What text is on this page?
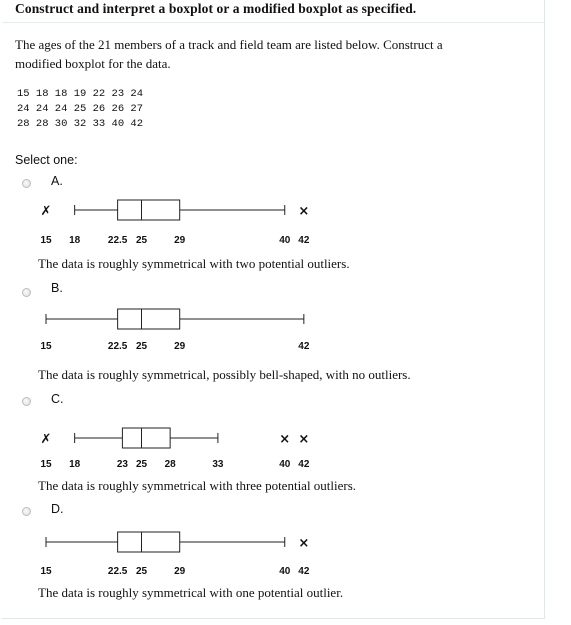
Construct and interpret a boxplot or a modified boxplot as specified.
The ages of the 21 members of a track and field team are listed below. Construct a modified boxplot for the data.
15 18 18 19 22 23 24
24 24 24 25 26 26 27
28 28 30 32 33 40 42
Select one:
A.
✗	×
15 18	22.5 25	29	40 42
The data is roughly symmetrical with two potential outliers.
B.
15	22.5 25	29	42
The data is roughly symmetrical, possibly bell-shaped, with no outliers.
C.
✗	× ×
15 18	23 25 28	33	40 42
The data is roughly symmetrical with three potential outliers.
D.
×
15	22.5 25	29	40 42
The data is roughly symmetrical with one potential outlier.
